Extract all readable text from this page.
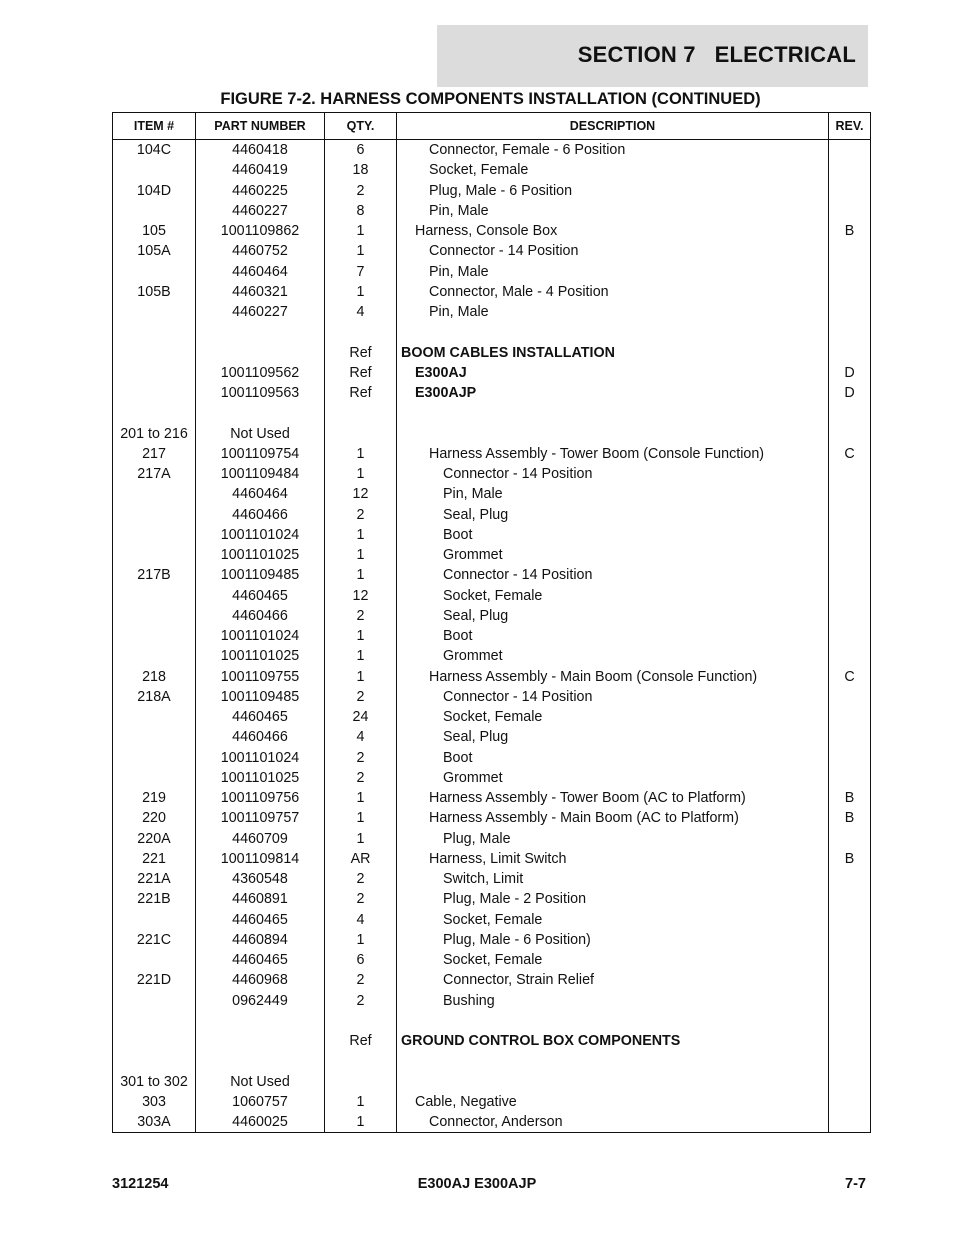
SECTION 7   ELECTRICAL
FIGURE 7-2. HARNESS COMPONENTS INSTALLATION (CONTINUED)
ITEM #	PART NUMBER	QTY.	DESCRIPTION	REV.
104C	4460418	6	Connector, Female - 6 Position	
	4460419	18	Socket, Female	
104D	4460225	2	Plug, Male - 6 Position	
	4460227	8	Pin, Male	
105	1001109862	1	Harness, Console Box	B
105A	4460752	1	Connector - 14 Position	
	4460464	7	Pin, Male	
105B	4460321	1	Connector, Male - 4 Position	
	4460227	4	Pin, Male	

		Ref	BOOM CABLES INSTALLATION	
	1001109562	Ref	E300AJ	D
	1001109563	Ref	E300AJP	D

201 to 216	Not Used			
217	1001109754	1	Harness Assembly - Tower Boom (Console Function)	C
217A	1001109484	1	Connector - 14 Position	
	4460464	12	Pin, Male	
	4460466	2	Seal, Plug	
	1001101024	1	Boot	
	1001101025	1	Grommet	
217B	1001109485	1	Connector - 14 Position	
	4460465	12	Socket, Female	
	4460466	2	Seal, Plug	
	1001101024	1	Boot	
	1001101025	1	Grommet	
218	1001109755	1	Harness Assembly - Main Boom (Console Function)	C
218A	1001109485	2	Connector - 14 Position	
	4460465	24	Socket, Female	
	4460466	4	Seal, Plug	
	1001101024	2	Boot	
	1001101025	2	Grommet	
219	1001109756	1	Harness Assembly - Tower Boom (AC to Platform)	B
220	1001109757	1	Harness Assembly - Main Boom (AC to Platform)	B
220A	4460709	1	Plug, Male	
221	1001109814	AR	Harness, Limit Switch	B
221A	4360548	2	Switch, Limit	
221B	4460891	2	Plug, Male - 2 Position	
	4460465	4	Socket, Female	
221C	4460894	1	Plug, Male - 6 Position)	
	4460465	6	Socket, Female	
221D	4460968	2	Connector, Strain Relief	
	0962449	2	Bushing	

		Ref	GROUND CONTROL BOX COMPONENTS	

301 to 302	Not Used			
303	1060757	1	Cable, Negative	
303A	4460025	1	Connector, Anderson	
3121254	E300AJ E300AJP	7-7
